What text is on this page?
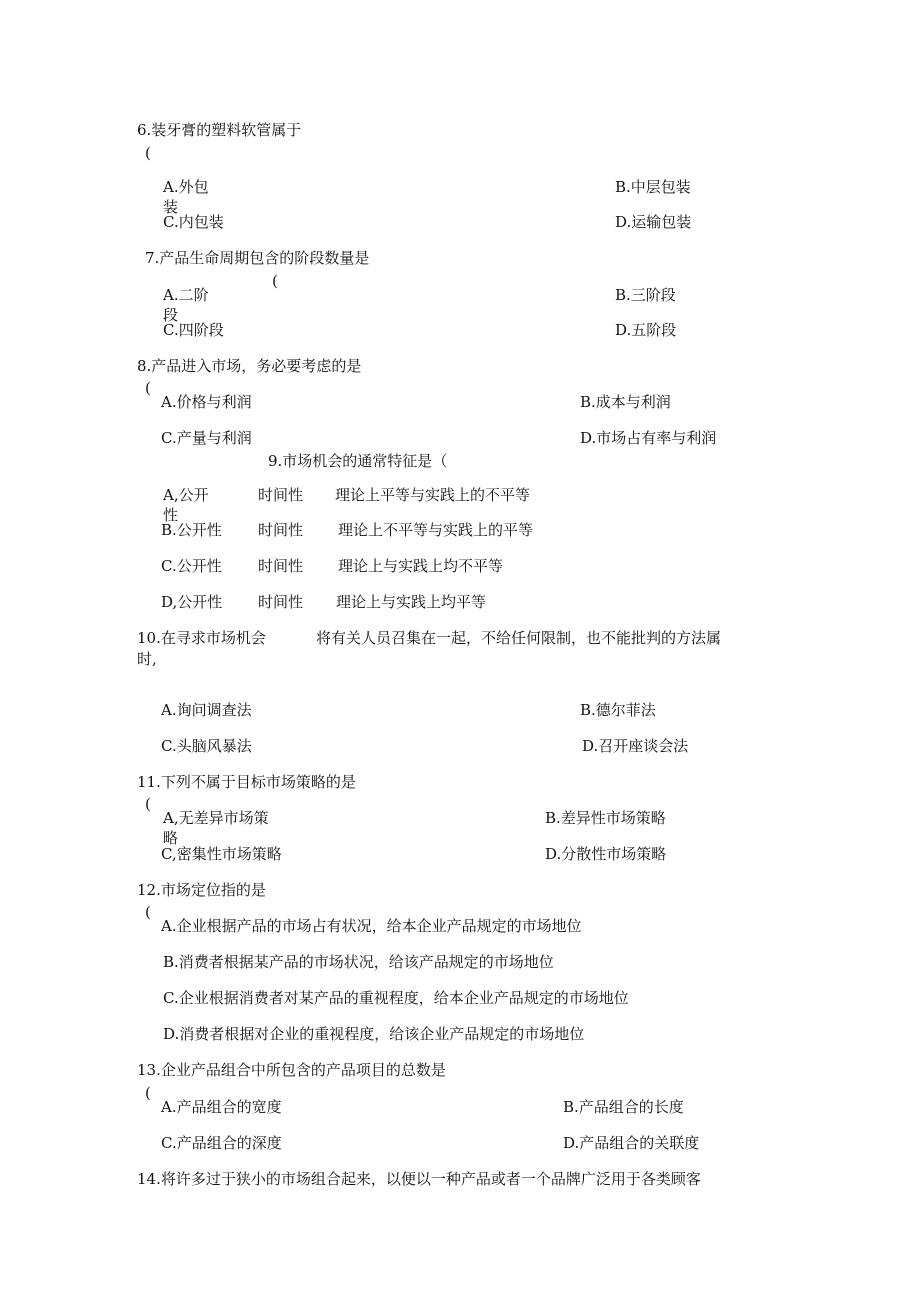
6.装牙膏的塑料软管属于
(
A.外包	B.中层包装
装
C.内包装	D.运输包装
7.产品生命周期包含的阶段数量是
(
A.二阶	B.三阶段
段
C.四阶段	D.五阶段
8.产品进入市场，务必要考虑的是
(
A.价格与利润	B.成本与利润
C.产量与利润	D.市场占有率与利润
9.市场机会的通常特征是（
A,公开	时间性 理论上平等与实践上的不平等
性
B.公开性 时间性 理论上不平等与实践上的平等
C.公开性 时间性 理论上与实践上均不平等
D,公开性 时间性 理论上与实践上均平等
10.在寻求市场机会	将有关人员召集在一起，不给任何限制，也不能批判的方法属
时,
A.询问调查法	B.德尔菲法
C.头脑风暴法	D.召开座谈会法
11.下列不属于目标市场策略的是
(
A,无差异市场策	B.差异性市场策略
略
C,密集性市场策略	D.分散性市场策略
12.市场定位指的是
(
A.企业根据产品的市场占有状况，给本企业产品规定的市场地位
B.消费者根据某产品的市场状况，给该产品规定的市场地位
C.企业根据消费者对某产品的重视程度，给本企业产品规定的市场地位
D.消费者根据对企业的重视程度，给该企业产品规定的市场地位
13.企业产品组合中所包含的产品项目的总数是
(
A.产品组合的宽度	B.产品组合的长度
C.产品组合的深度	D.产品组合的关联度
14.将许多过于狭小的市场组合起来，以便以一种产品或者一个品牌广泛用于各类顾客
